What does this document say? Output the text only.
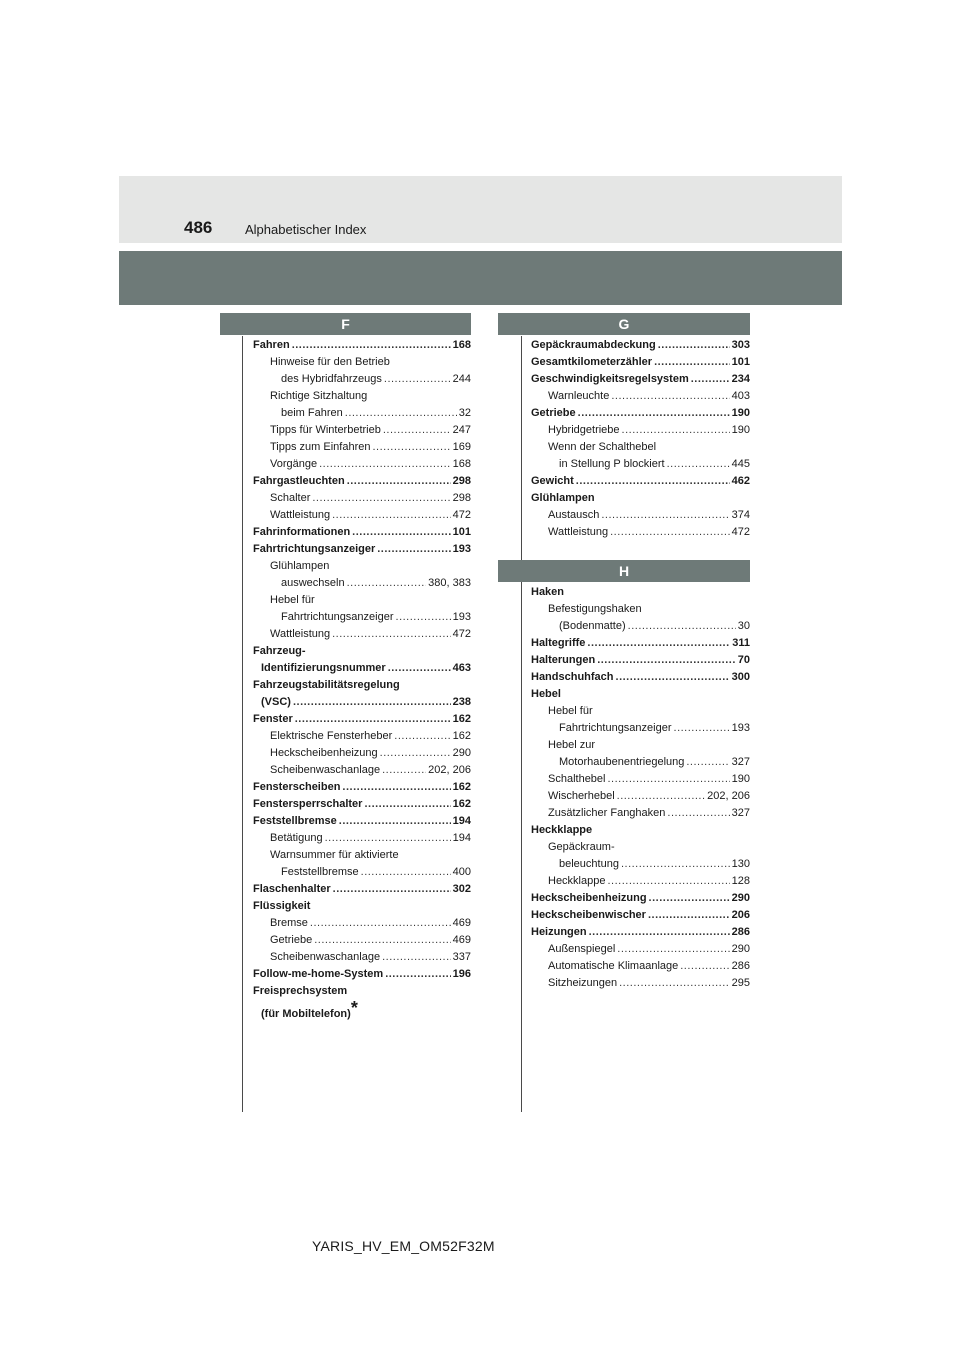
486	Alphabetischer Index
F
Fahren .....	168
Hinweise für den Betrieb
des Hybridfahrzeugs .....	244
Richtige Sitzhaltung
beim Fahren .....	32
Tipps für Winterbetrieb .....	247
Tipps zum Einfahren .....	169
Vorgänge .....	168
Fahrgastleuchten .....	298
Schalter .....	298
Wattleistung .....	472
Fahrinformationen .....	101
Fahrtrichtungsanzeiger .....	193
Glühlampen
auswechseln .....	380, 383
Hebel für
Fahrtrichtungsanzeiger .....	193
Wattleistung .....	472
Fahrzeug-
Identifizierungsnummer .....	463
Fahrzeugstabilitätsregelung
(VSC) .....	238
Fenster .....	162
Elektrische Fensterheber .....	162
Heckscheibenheizung .....	290
Scheibenwaschanlage .....	202, 206
Fensterscheiben .....	162
Fenstersperrschalter .....	162
Feststellbremse .....	194
Betätigung .....	194
Warnsummer für aktivierte
Feststellbremse .....	400
Flaschenhalter .....	302
Flüssigkeit
Bremse .....	469
Getriebe .....	469
Scheibenwaschanlage .....	337
Follow-me-home-System .....	196
Freisprechsystem
(für Mobiltelefon)*
G
Gepäckraumabdeckung .....	303
Gesamtkilometerzähler .....	101
Geschwindigkeitsregelsystem .....	234
Warnleuchte .....	403
Getriebe .....	190
Hybridgetriebe .....	190
Wenn der Schalthebel
in Stellung P blockiert .....	445
Gewicht .....	462
Glühlampen
Austausch .....	374
Wattleistung .....	472
H
Haken
Befestigungshaken
(Bodenmatte) .....	30
Haltegriffe .....	311
Halterungen .....	70
Handschuhfach .....	300
Hebel
Hebel für
Fahrtrichtungsanzeiger .....	193
Hebel zur
Motorhaubenentriegelung .....	327
Schalthebel .....	190
Wischerhebel .....	202, 206
Zusätzlicher Fanghaken .....	327
Heckklappe
Gepäckraum-
beleuchtung .....	130
Heckklappe .....	128
Heckscheibenheizung .....	290
Heckscheibenwischer .....	206
Heizungen .....	286
Außenspiegel .....	290
Automatische Klimaanlage .....	286
Sitzheizungen .....	295
YARIS_HV_EM_OM52F32M
